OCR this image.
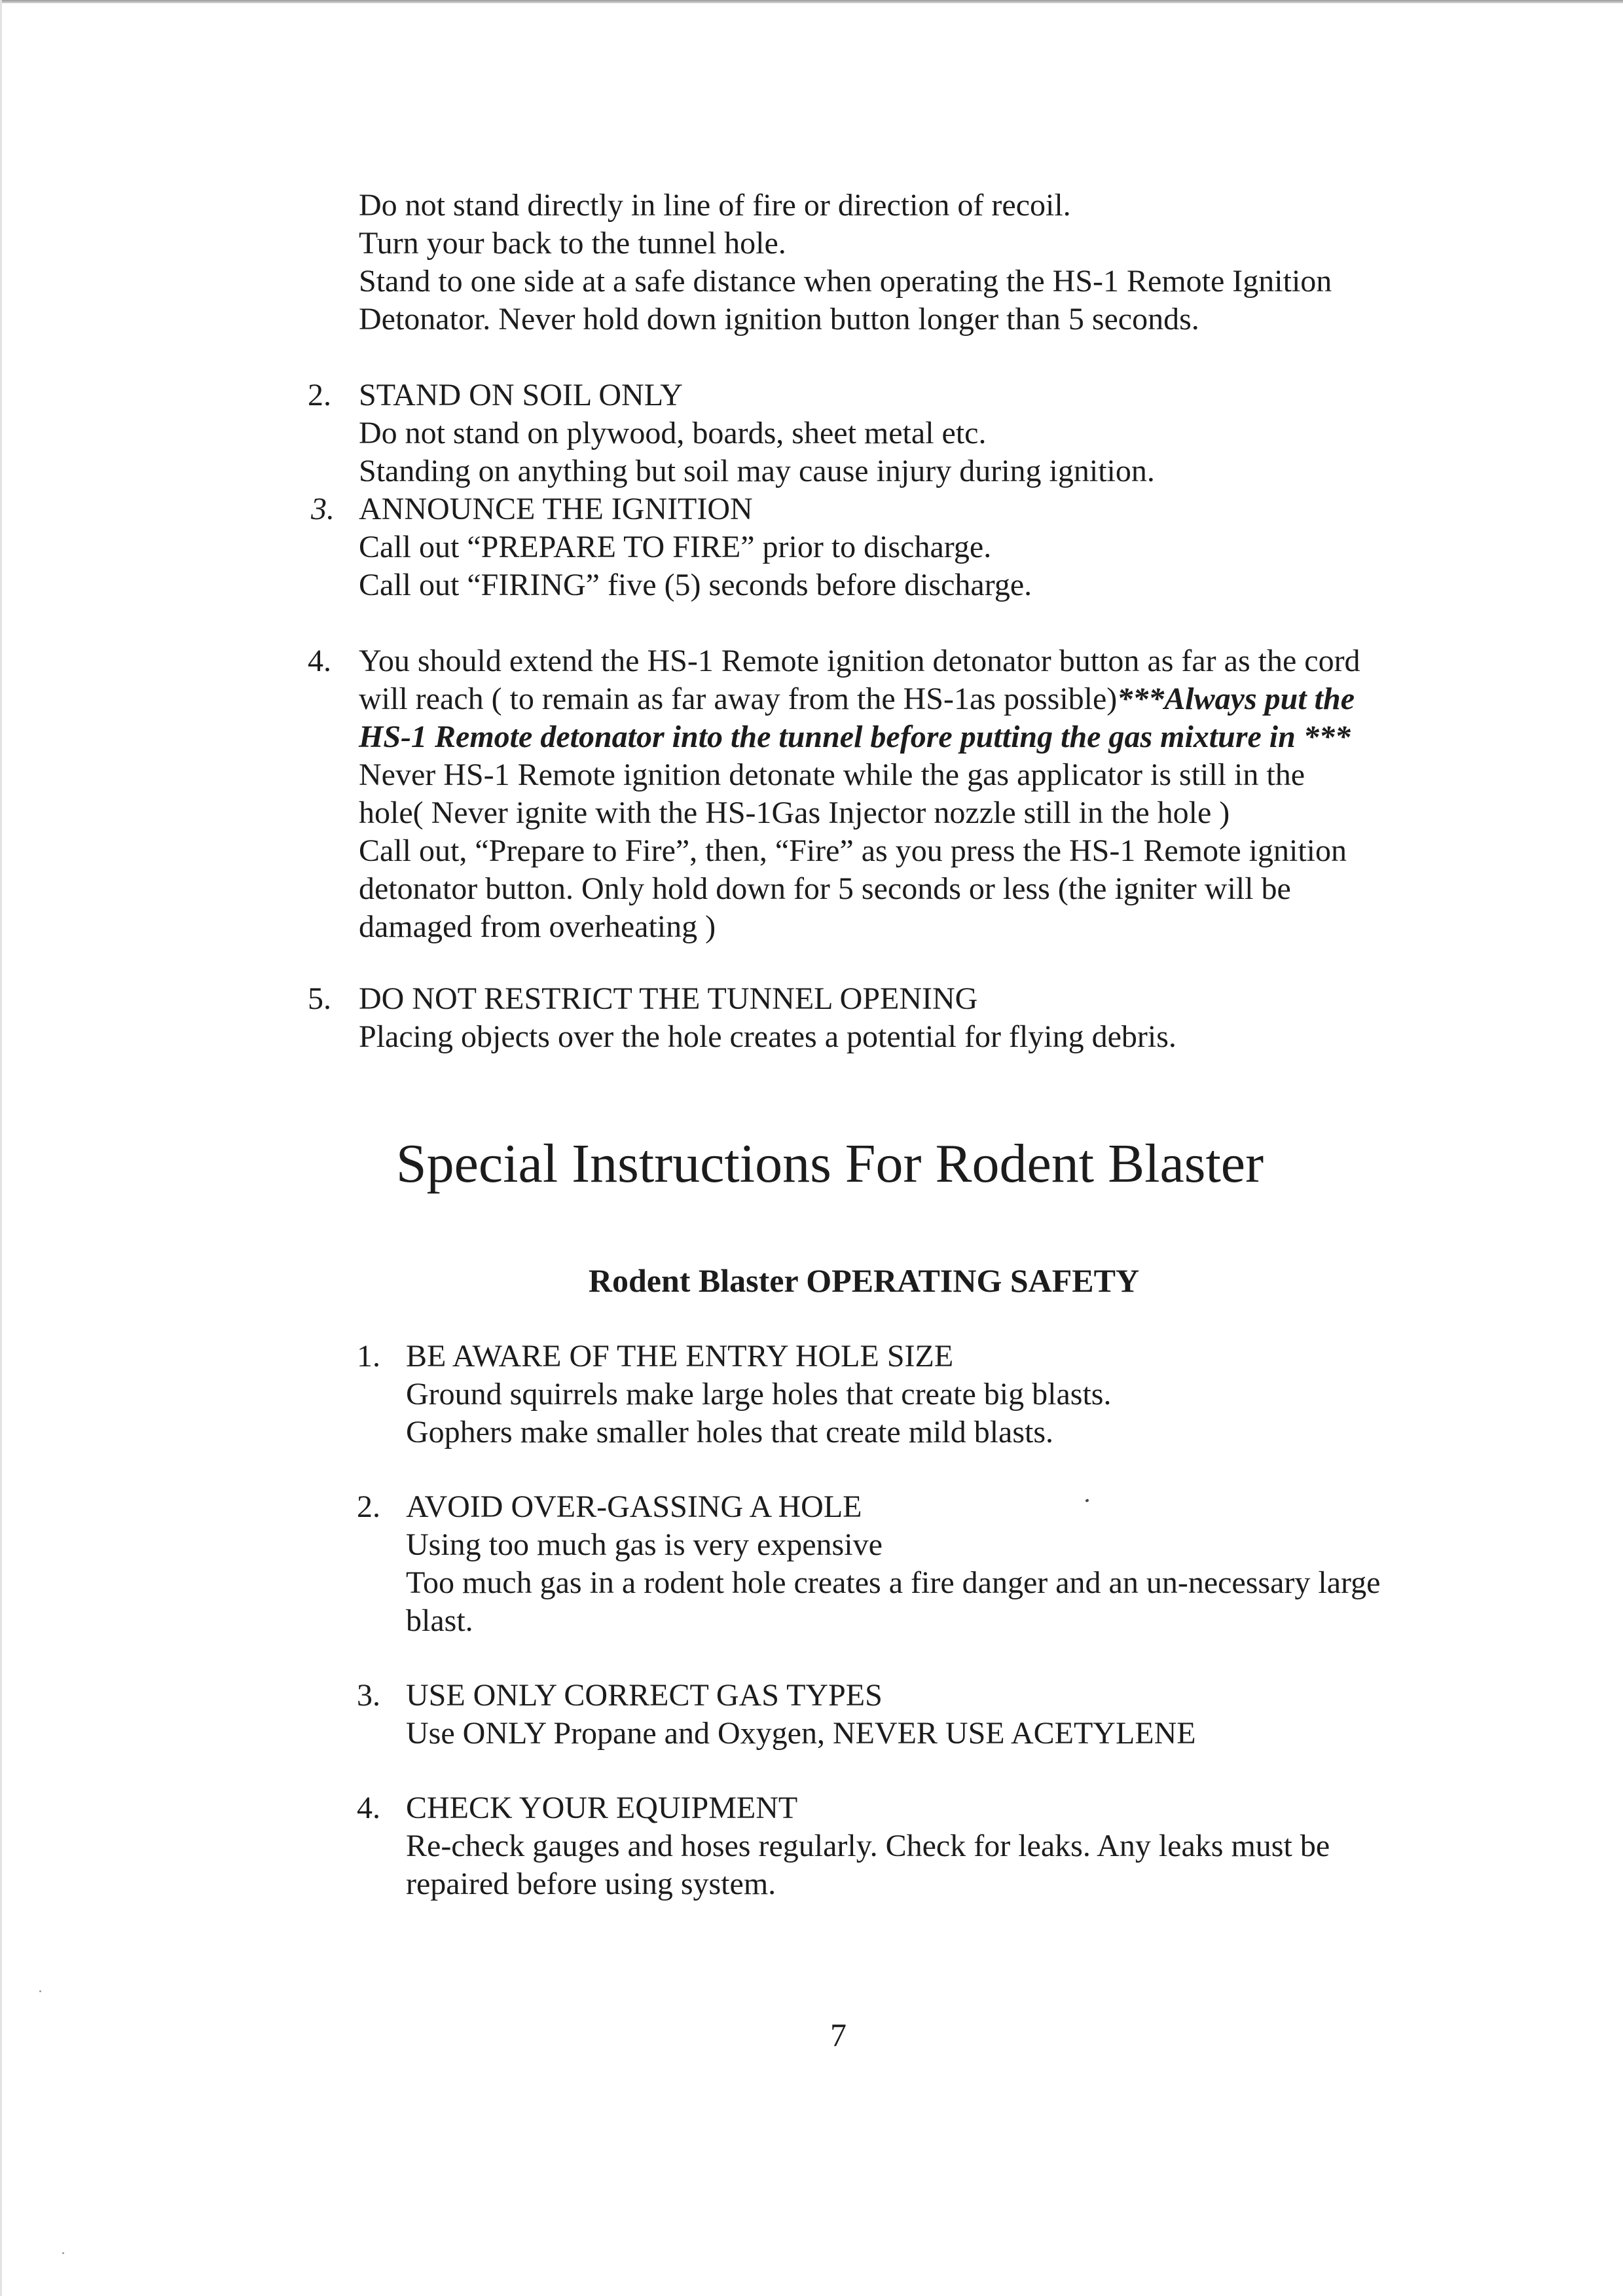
Do not stand directly in line of fire or direction of recoil.

Turn your back to the tunnel hole.

Stand to one side at a safe distance when operating the HS-1 Remote Ignition

Detonator. Never hold down ignition button longer than 5 seconds.

2. STAND ON SOIL ONLY

Do not stand on plywood, boards, sheet metal etc.

Standing on anything but soil may cause injury during ignition.

3. ANNOUNCE THE IGNITION

Call out “PREPARE TO FIRE” prior to discharge.

Call out “FIRING” five (5) seconds before discharge.

4. You should extend the HS-1 Remote ignition detonator button as far as the cord

will reach ( to remain as far away from the HS-1as possible)***Always put the

HS-1 Remote detonator into the tunnel before putting the gas mixture in ***

Never HS-1 Remote ignition detonate while the gas applicator is still in the

hole( Never ignite with the HS-1Gas Injector nozzle still in the hole )

Call out, “Prepare to Fire”, then, “Fire” as you press the HS-1 Remote ignition

detonator button. Only hold down for 5 seconds or less (the igniter will be

damaged from overheating )

5. DO NOT RESTRICT THE TUNNEL OPENING

Placing objects over the hole creates a potential for flying debris.

Special Instructions For Rodent Blaster
Rodent Blaster OPERATING SAFETY
1. BE AWARE OF THE ENTRY HOLE SIZE

Ground squirrels make large holes that create big blasts.

Gophers make smaller holes that create mild blasts.

2. AVOID OVER-GASSING A HOLE

Using too much gas is very expensive

Too much gas in a rodent hole creates a fire danger and an un-necessary large

blast.

3. USE ONLY CORRECT GAS TYPES

Use ONLY Propane and Oxygen, NEVER USE ACETYLENE

4. CHECK YOUR EQUIPMENT

Re-check gauges and hoses regularly. Check for leaks. Any leaks must be

repaired before using system.

7
